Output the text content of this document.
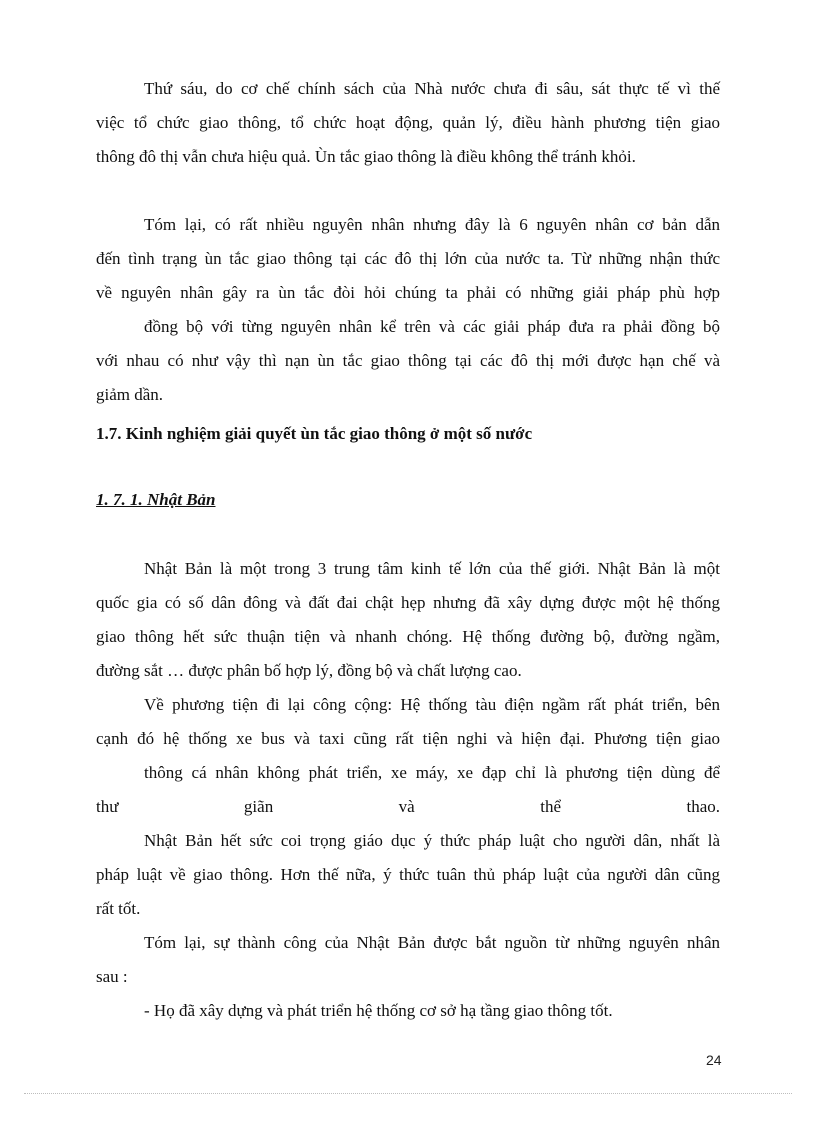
Thứ sáu, do cơ chế chính sách của Nhà nước chưa đi sâu, sát thực tế vì thế
việc tổ chức giao thông, tổ chức hoạt động, quản lý, điều hành phương tiện giao
thông đô thị vẫn chưa hiệu quả. Ùn tắc giao thông là điều không thể tránh khỏi.

Tóm lại, có rất nhiều nguyên nhân nhưng đây là 6 nguyên nhân cơ bản dẫn
đến tình trạng ùn tắc giao thông tại các đô thị lớn của nước ta. Từ những nhận thức
về nguyên nhân gây ra ùn tắc đòi hỏi chúng ta phải có những giải pháp phù hợp

đồng bộ với từng nguyên nhân kể trên và các giải pháp đưa ra phải đồng bộ
với nhau có như vậy thì nạn ùn tắc giao thông tại các đô thị mới được hạn chế và
giảm dần.

1.7. Kinh nghiệm giải quyết ùn tắc giao thông ở một số nước
1. 7. 1. Nhật Bản

Nhật Bản là một trong 3 trung tâm kinh tế lớn của thế giới. Nhật Bản là một
quốc gia có số dân đông và đất đai chật hẹp nhưng đã xây dựng được một hệ thống
giao thông hết sức thuận tiện và nhanh chóng. Hệ thống đường bộ, đường ngầm,
đường sắt … được phân bố hợp lý, đồng bộ và chất lượng cao.

Về phương tiện đi lại công cộng: Hệ thống tàu điện ngầm rất phát triển, bên
cạnh đó hệ thống xe bus và taxi cũng rất tiện nghi và hiện đại. Phương tiện giao

thông cá nhân không phát triển, xe máy, xe đạp chỉ là phương tiện dùng để
thư giãn và thể thao.

Nhật Bản hết sức coi trọng giáo dục ý thức pháp luật cho người dân, nhất là
pháp luật về giao thông. Hơn thế nữa, ý thức tuân thủ pháp luật của người dân cũng
rất tốt.

Tóm lại, sự thành công của Nhật Bản được bắt nguồn từ những nguyên nhân
sau :

- Họ đã xây dựng và phát triển hệ thống cơ sở hạ tầng giao thông tốt.

24
